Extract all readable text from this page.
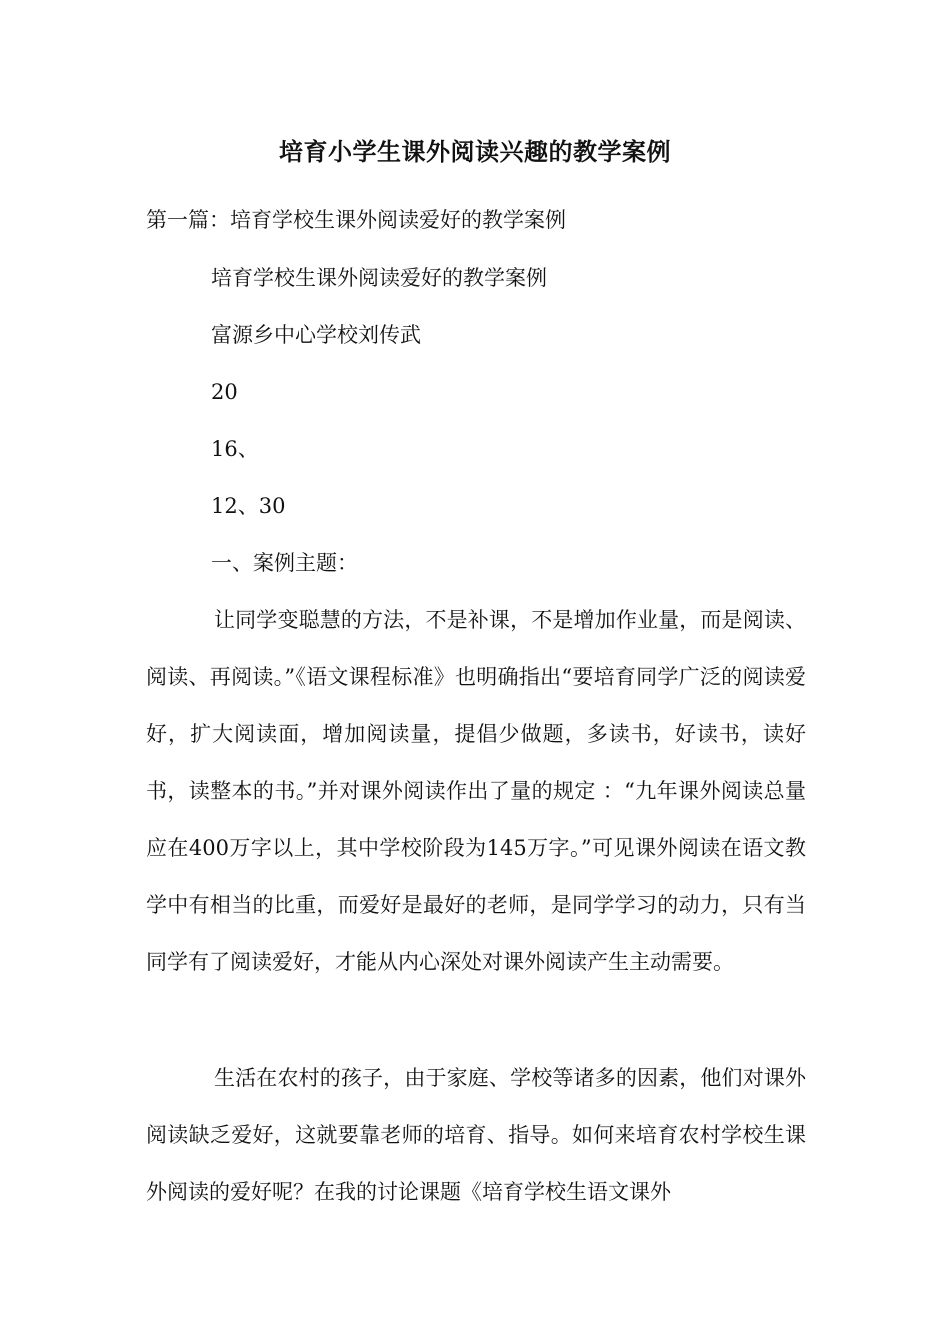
培育小学生课外阅读兴趣的教学案例
第一篇：培育学校生课外阅读爱好的教学案例
培育学校生课外阅读爱好的教学案例
富源乡中心学校刘传武
20
16、
12、30
一、案例主题：

让同学变聪慧的方法，不是补课，不是增加作业量，而是阅读、阅读、再阅读。”《语文课程标准》也明确指出“要培育同学广泛的阅读爱好，扩大阅读面，增加阅读量，提倡少做题，多读书，好读书，读好书，读整本的书。”并对课外阅读作出了量的规定 ：“九年课外阅读总量应在400万字以上，其中学校阶段为145万字。”可见课外阅读在语文教学中有相当的比重，而爱好是最好的老师，是同学学习的动力，只有当同学有了阅读爱好，才能从内心深处对课外阅读产生主动需要。

生活在农村的孩子，由于家庭、学校等诸多的因素，他们对课外阅读缺乏爱好，这就要靠老师的培育、指导。如何来培育农村学校生课外阅读的爱好呢？在我的讨论课题《培育学校生语文课外
